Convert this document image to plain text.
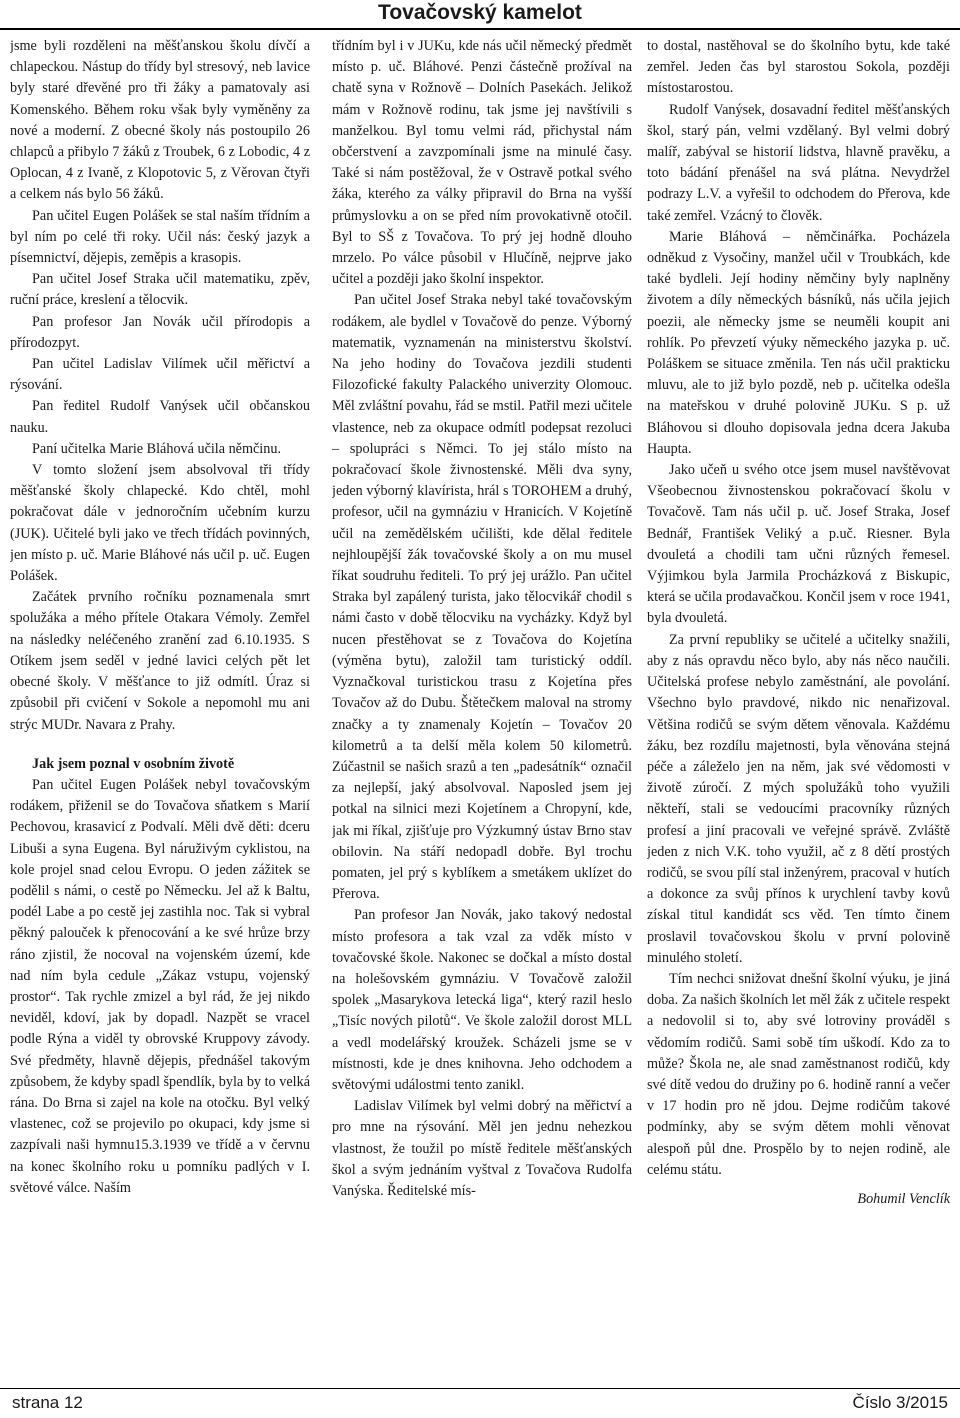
Tovačovský kamelot

jsme byli rozděleni na měšťanskou školu dívčí a chlapeckou. Nástup do třídy byl stresový, neb lavice byly staré dřevěné pro tři žáky a pamatovaly asi Komenského. Během roku však byly vyměněny za nové a moderní. Z obecné školy nás postoupilo 26 chlapců a přibylo 7 žáků z Troubek, 6 z Lobodic, 4 z Oplocan, 4 z Ivaně, z Klopotovic 5, z Věrovan čtyři a celkem nás bylo 56 žáků.

Pan učitel Eugen Polášek se stal naším třídním a byl ním po celé tři roky. Učil nás: český jazyk a písemnictví, dějepis, zeměpis a krasopis.

Pan učitel Josef Straka učil matematiku, zpěv, ruční práce, kreslení a tělocvik.

Pan profesor Jan Novák učil přírodopis a přírodozpyt.

Pan učitel Ladislav Vilímek učil měřictví a rýsování.

Pan ředitel Rudolf Vanýsek učil občanskou nauku.

Paní učitelka Marie Bláhová učila němčinu.

V tomto složení jsem absolvoval tři třídy měšťanské školy chlapecké. Kdo chtěl, mohl pokračovat dále v jednoročním učebním kurzu (JUK). Učitelé byli jako ve třech třídách povinných, jen místo p. uč. Marie Bláhové nás učil p. uč. Eugen Polášek.

Začátek prvního ročníku poznamenala smrt spolužáka a mého přítele Otakara Vémoly. Zemřel na následky neléčeného zranění zad 6.10.1935. S Otíkem jsem seděl v jedné lavici celých pět let obecné školy. V měšťance to již odmítl. Úraz si způsobil při cvičení v Sokole a nepomohl mu ani strýc MUDr. Navara z Prahy.

Jak jsem poznal v osobním životě

Pan učitel Eugen Polášek nebyl tovačovským rodákem, přiženil se do Tovačova sňatkem s Marií Pechovou, krasavicí z Podvalí. Měli dvě děti: dceru Libuši a syna Eugena. Byl náruživým cyklistou, na kole projel snad celou Evropu. O jeden zážitek se podělil s námi, o cestě po Německu. Jel až k Baltu, podél Labe a po cestě jej zastihla noc. Tak si vybral pěkný palouček k přenocování a ke své hrůze brzy ráno zjistil, že nocoval na vojenském území, kde nad ním byla cedule „Zákaz vstupu, vojenský prostor“. Tak rychle zmizel a byl rád, že jej nikdo neviděl, kdoví, jak by dopadl. Nazpět se vracel podle Rýna a viděl ty obrovské Kruppovy závody. Své předměty, hlavně dějepis, přednášel takovým způsobem, že kdyby spadl špendlík, byla by to velká rána. Do Brna si zajel na kole na otočku. Byl velký vlastenec, což se projevilo po okupaci, kdy jsme si zazpívali naši hymnu15.3.1939 ve třídě a v červnu na konec školního roku u pomníku padlých v I. světové válce. Naším

třídním byl i v JUKu, kde nás učil německý předmět místo p. uč. Bláhové. Penzi částečně prožíval na chatě syna v Rožnově – Dolních Pasekách. Jelikož mám v Rožnově rodinu, tak jsme jej navštívili s manželkou. Byl tomu velmi rád, přichystal nám občerstvení a zavzpomínali jsme na minulé časy. Také si nám postěžoval, že v Ostravě potkal svého žáka, kterého za války připravil do Brna na vyšší průmyslovku a on se před ním provokativně otočil. Byl to SŠ z Tovačova. To prý jej hodně dlouho mrzelo. Po válce působil v Hlučíně, nejprve jako učitel a později jako školní inspektor.

Pan učitel Josef Straka nebyl také tovačovským rodákem, ale bydlel v Tovačově do penze. Výborný matematik, vyznamenán na ministerstvu školství. Na jeho hodiny do Tovačova jezdili studenti Filozofické fakulty Palackého univerzity Olomouc. Měl zvláštní povahu, řád se mstil. Patřil mezi učitele vlastence, neb za okupace odmítl podepsat rezoluci – spolupráci s Němci. To jej stálo místo na pokračovací škole živnostenské. Měli dva syny, jeden výborný klavírista, hrál s TOROHEM a druhý, profesor, učil na gymnáziu v Hranicích. V Kojetíně učil na zemědělském učilišti, kde dělal ředitele nejhloupější žák tovačovské školy a on mu musel říkat soudruhu řediteli. To prý jej urážlo. Pan učitel Straka byl zapálený turista, jako tělocvikář chodil s námi často v době tělocviku na vycházky. Když byl nucen přestěhovat se z Tovačova do Kojetína (výměna bytu), založil tam turistický oddíl. Vyznačkoval turistickou trasu z Kojetína přes Tovačov až do Dubu. Štětečkem maloval na stromy značky a ty znamenaly Kojetín – Tovačov 20 kilometrů a ta delší měla kolem 50 kilometrů. Zúčastnil se našich srazů a ten „padesátník“ označil za nejlepší, jaký absolvoval. Naposled jsem jej potkal na silnici mezi Kojetínem a Chropyní, kde, jak mi říkal, zjišťuje pro Výzkumný ústav Brno stav obilovin. Na stáří nedopadl dobře. Byl trochu pomaten, jel prý s kyblíkem a smetákem uklízet do Přerova.

Pan profesor Jan Novák, jako takový nedostal místo profesora a tak vzal za vděk místo v tovačovské škole. Nakonec se dočkal a místo dostal na holešovském gymnáziu. V Tovačově založil spolek „Masarykova letecká liga“, který razil heslo „Tisíc nových pilotů“. Ve škole založil dorost MLL a vedl modelářský kroužek. Scházeli jsme se v místnosti, kde je dnes knihovna. Jeho odchodem a světovými událostmi tento zanikl.

Ladislav Vilímek byl velmi dobrý na měřictví a pro mne na rýsování. Měl jen jednu nehezkou vlastnost, že toužil po místě ředitele měšťanských škol a svým jednáním vyštval z Tovačova Rudolfa Vanýska. Ředitelské mís-

to dostal, nastěhoval se do školního bytu, kde také zemřel. Jeden čas byl starostou Sokola, později místostarostou.

Rudolf Vanýsek, dosavadní ředitel měšťanských škol, starý pán, velmi vzdělaný. Byl velmi dobrý malíř, zabýval se historií lidstva, hlavně pravěku, a toto bádání přenášel na svá plátna. Nevydržel podrazy L.V. a vyřešil to odchodem do Přerova, kde také zemřel. Vzácný to člověk.

Marie Bláhová – němčinářka. Pocházela odněkud z Vysočiny, manžel učil v Troubkách, kde také bydleli. Její hodiny němčiny byly naplněny životem a díly německých básníků, nás učila jejich poezii, ale německy jsme se neuměli koupit ani rohlík. Po převzetí výuky německého jazyka p. uč. Poláškem se situace změnila. Ten nás učil prakticku mluvu, ale to již bylo pozdě, neb p. učitelka odešla na mateřskou v druhé polovině JUKu. S p. už Bláhovou si dlouho dopisovala jedna dcera Jakuba Haupta.

Jako učeň u svého otce jsem musel navštěvovat Všeobecnou živnostenskou pokračovací školu v Tovačově. Tam nás učil p. uč. Josef Straka, Josef Bednář, František Veliký a p.uč. Riesner. Byla dvouletá a chodili tam učni různých řemesel. Výjimkou byla Jarmila Procházková z Biskupic, která se učila prodavačkou. Končil jsem v roce 1941, byla dvouletá.

Za první republiky se učitelé a učitelky snažili, aby z nás opravdu něco bylo, aby nás něco naučili. Učitelská profese nebylo zaměstnání, ale povolání. Všechno bylo pravdové, nikdo nic nenařizoval. Většina rodičů se svým dětem věnovala. Každému žáku, bez rozdílu majetnosti, byla věnována stejná péče a záleželo jen na něm, jak své vědomosti v životě zúročí. Z mých spolužáků toho využili někteří, stali se vedoucími pracovníky různých profesí a jiní pracovali ve veřejné správě. Zvláště jeden z nich V.K. toho využil, ač z 8 dětí prostých rodičů, se svou pílí stal inženýrem, pracoval v hutích a dokonce za svůj přínos k urychlení tavby kovů získal titul kandidát scs věd. Ten tímto činem proslavil tovačovskou školu v první polovině minulého století.

Tím nechci snižovat dnešní školní výuku, je jiná doba. Za našich školních let měl žák z učitele respekt a nedovolil si to, aby své lotroviny prováděl s vědomím rodičů. Sami sobě tím uškodí. Kdo za to může? Škola ne, ale snad zaměstnanost rodičů, kdy své dítě vedou do družiny po 6. hodině ranní a večer v 17 hodin pro ně jdou. Dejme rodičům takové podmínky, aby se svým dětem mohli věnovat alespoň půl dne. Prospělo by to nejen rodině, ale celému státu.

Bohumil Venclík

strana 12	Číslo 3/2015
